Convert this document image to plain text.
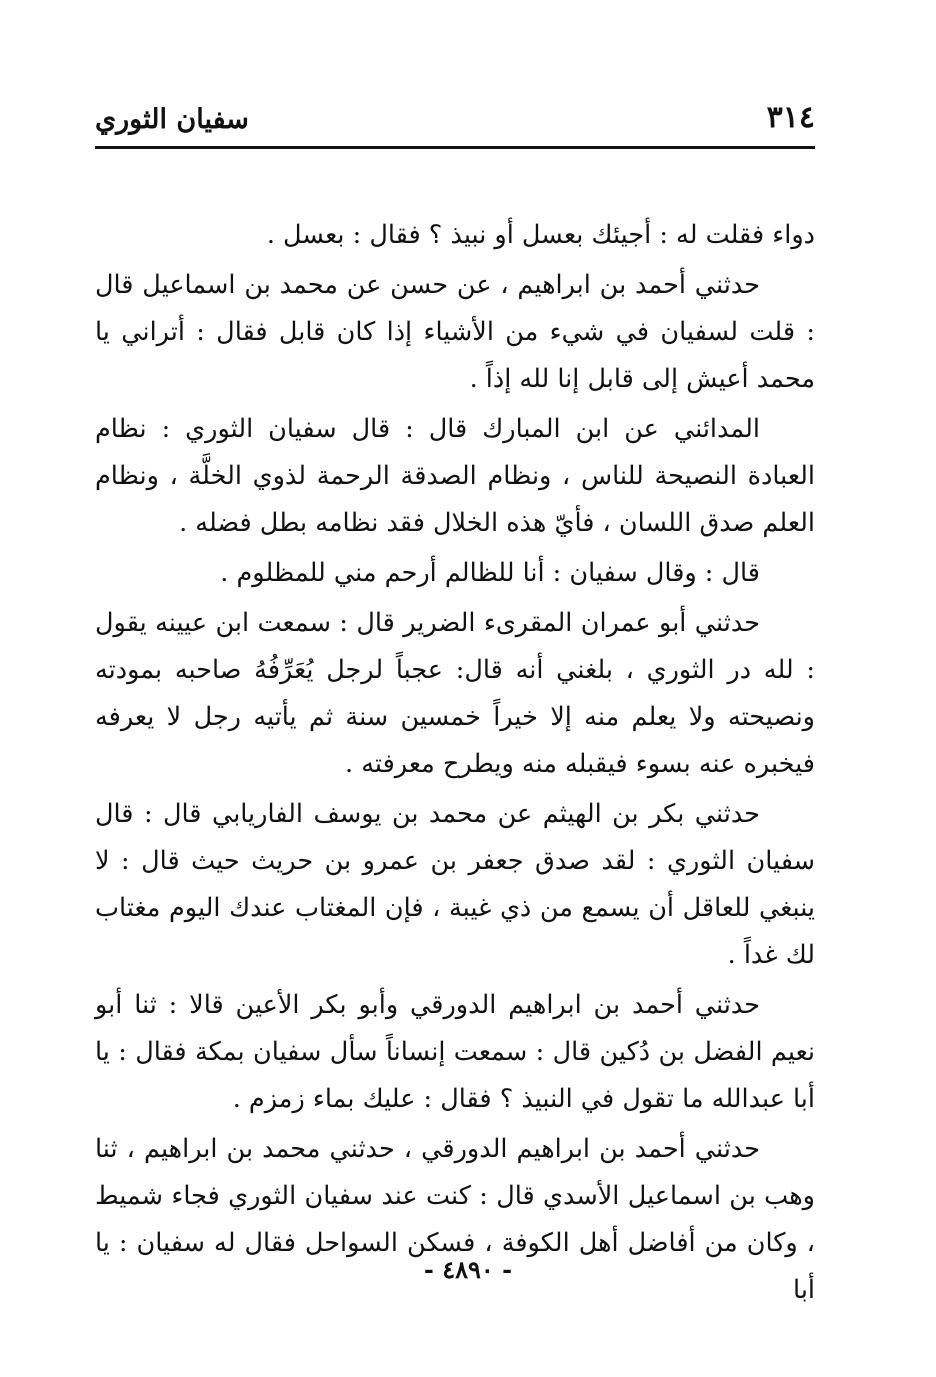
٣١٤
سفيان الثوري

دواء فقلت له : أجيئك بعسل أو نبيذ ؟ فقال : بعسل .

حدثني أحمد بن ابراهيم ، عن حسن عن محمد بن اسماعيل قال : قلت لسفيان في شيء من الأشياء إذا كان قابل فقال : أتراني يا محمد أعيش إلى قابل إنا لله إذاً .

المدائني عن ابن المبارك قال : قال سفيان الثوري : نظام العبادة النصيحة للناس ، ونظام الصدقة الرحمة لذوي الخلَّة ، ونظام العلم صدق اللسان ، فأيّ هذه الخلال فقد نظامه بطل فضله .

قال : وقال سفيان : أنا للظالم أرحم مني للمظلوم .

حدثني أبو عمران المقرىء الضرير قال : سمعت ابن عيينه يقول : لله در الثوري ، بلغني أنه قال: عجباً لرجل يُعَرِّفُهُ صاحبه بمودته ونصيحته ولا يعلم منه إلا خيراً خمسين سنة ثم يأتيه رجل لا يعرفه فيخبره عنه بسوء فيقبله منه ويطرح معرفته .

حدثني بكر بن الهيثم عن محمد بن يوسف الفاريابي قال : قال سفيان الثوري : لقد صدق جعفر بن عمرو بن حريث حيث قال : لا ينبغي للعاقل أن يسمع من ذي غيبة ، فإن المغتاب عندك اليوم مغتاب لك غداً .

حدثني أحمد بن ابراهيم الدورقي وأبو بكر الأعين قالا : ثنا أبو نعيم الفضل بن دُكين قال : سمعت إنساناً سأل سفيان بمكة فقال : يا أبا عبدالله ما تقول في النبيذ ؟ فقال : عليك بماء زمزم .

حدثني أحمد بن ابراهيم الدورقي ، حدثني محمد بن ابراهيم ، ثنا وهب بن اسماعيل الأسدي قال : كنت عند سفيان الثوري فجاء شميط ، وكان من أفاضل أهل الكوفة ، فسكن السواحل فقال له سفيان : يا أبا

- ٤٨٩٠ -
